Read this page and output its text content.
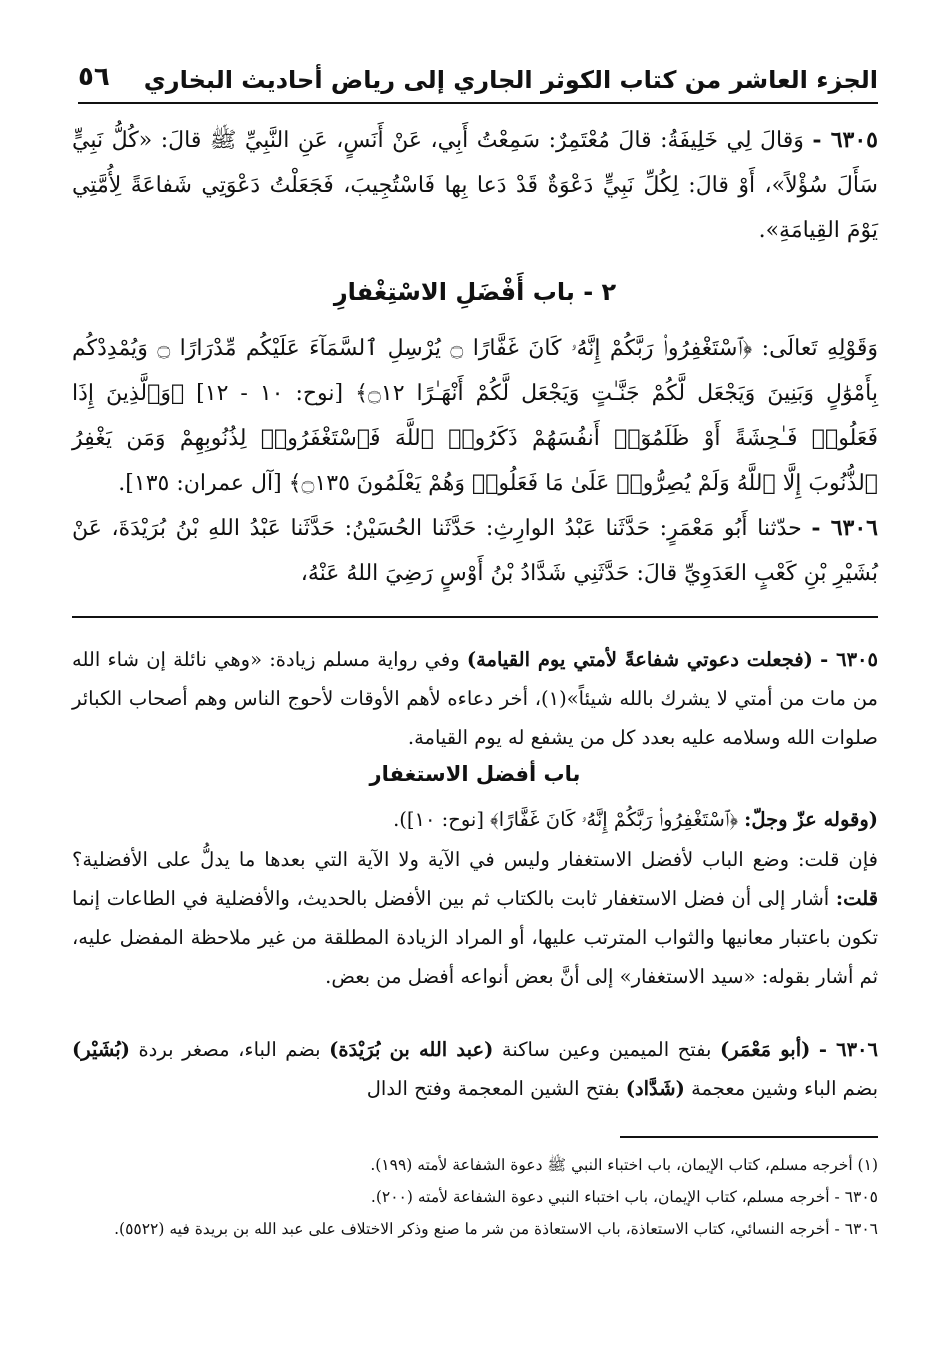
الجزء العاشر من كتاب الكوثر الجاري إلى رياض أحاديث البخاري
٥٦
٦٣٠٥ - وَقالَ لِي خَلِيفَةُ: قالَ مُعْتَمِرٌ: سَمِعْتُ أَبِي، عَنْ أَنَسٍ، عَنِ النَّبِيِّ ﷺ قالَ: «كُلُّ نَبِيٍّ سَأَلَ سُؤْلاً»، أَوْ قالَ: لِكُلِّ نَبِيٍّ دَعْوَةٌ قَدْ دَعا بِها فَاسْتُجِيبَ، فَجَعَلْتُ دَعْوَتِي شَفاعَةً لِأُمَّتِي يَوْمَ القِيامَةِ».
٢ - باب أَفْضَلِ الاسْتِغْفارِ
وَقَوْلِهِ تَعالَى: ﴿ٱسْتَغْفِرُوا۟ رَبَّكُمْ إِنَّهُۥ كَانَ غَفَّارًا ۝ يُرْسِلِ ٱلسَّمَآءَ عَلَيْكُم مِّدْرَارًا ۝ وَيُمْدِدْكُم بِأَمْوَٰلٍ وَبَنِينَ وَيَجْعَل لَّكُمْ جَنَّـٰتٍ وَيَجْعَل لَّكُمْ أَنْهَـٰرًا ۝١٢﴾ [نوح: ١٠ - ١٢] ﴿وَٱلَّذِينَ إِذَا فَعَلُوا۟ فَـٰحِشَةً أَوْ ظَلَمُوٓا۟ أَنفُسَهُمْ ذَكَرُوا۟ ٱللَّهَ فَٱسْتَغْفَرُوا۟ لِذُنُوبِهِمْ وَمَن يَغْفِرُ ٱلذُّنُوبَ إِلَّا ٱللَّهُ وَلَمْ يُصِرُّوا۟ عَلَىٰ مَا فَعَلُوا۟ وَهُمْ يَعْلَمُونَ ۝١٣٥﴾ [آل عمران: ١٣٥].
٦٣٠٦ - حدّثنا أَبُو مَعْمَرٍ: حَدَّثَنا عَبْدُ الوارِثِ: حَدَّثَنا الحُسَيْنُ: حَدَّثَنا عَبْدُ اللهِ بْنُ بُرَيْدَةَ، عَنْ بُشَيْرِ بْنِ كَعْبٍ العَدَوِيِّ قالَ: حَدَّثَنِي شَدَّادُ بْنُ أَوْسٍ رَضِيَ اللهُ عَنْهُ،
٦٣٠٥ - (فجعلت دعوتي شفاعةً لأمتي يوم القيامة) وفي رواية مسلم زيادة: «وهي نائلة إن شاء الله من مات من أمتي لا يشرك بالله شيئاً»(١)، أخر دعاءه لأهم الأوقات لأحوج الناس وهم أصحاب الكبائر صلوات الله وسلامه عليه بعدد كل من يشفع له يوم القيامة.
باب أفضل الاستغفار
(وقوله عزّ وجلّ: ﴿ٱسْتَغْفِرُوا۟ رَبَّكُمْ إِنَّهُۥ كَانَ غَفَّارًا﴾ [نوح: ١٠]).
فإن قلت: وضع الباب لأفضل الاستغفار وليس في الآية ولا الآية التي بعدها ما يدلُّ على الأفضلية؟ قلت: أشار إلى أن فضل الاستغفار ثابت بالكتاب ثم بين الأفضل بالحديث، والأفضلية في الطاعات إنما تكون باعتبار معانيها والثواب المترتب عليها، أو المراد الزيادة المطلقة من غير ملاحظة المفضل عليه، ثم أشار بقوله: «سيد الاستغفار» إلى أنَّ بعض أنواعه أفضل من بعض.
٦٣٠٦ - (أبو مَعْمَر) بفتح الميمين وعين ساكنة (عبد الله بن بُرَيْدَة) بضم الباء، مصغر بردة (بُشَيْر) بضم الباء وشين معجمة (شَدَّاد) بفتح الشين المعجمة وفتح الدال
(١) أخرجه مسلم، كتاب الإيمان، باب اختباء النبي ﷺ دعوة الشفاعة لأمته (١٩٩).
٦٣٠٥ - أخرجه مسلم، كتاب الإيمان، باب اختباء النبي دعوة الشفاعة لأمته (٢٠٠).
٦٣٠٦ - أخرجه النسائي، كتاب الاستعاذة، باب الاستعاذة من شر ما صنع وذكر الاختلاف على عبد الله بن بريدة فيه (٥٥٢٢).
